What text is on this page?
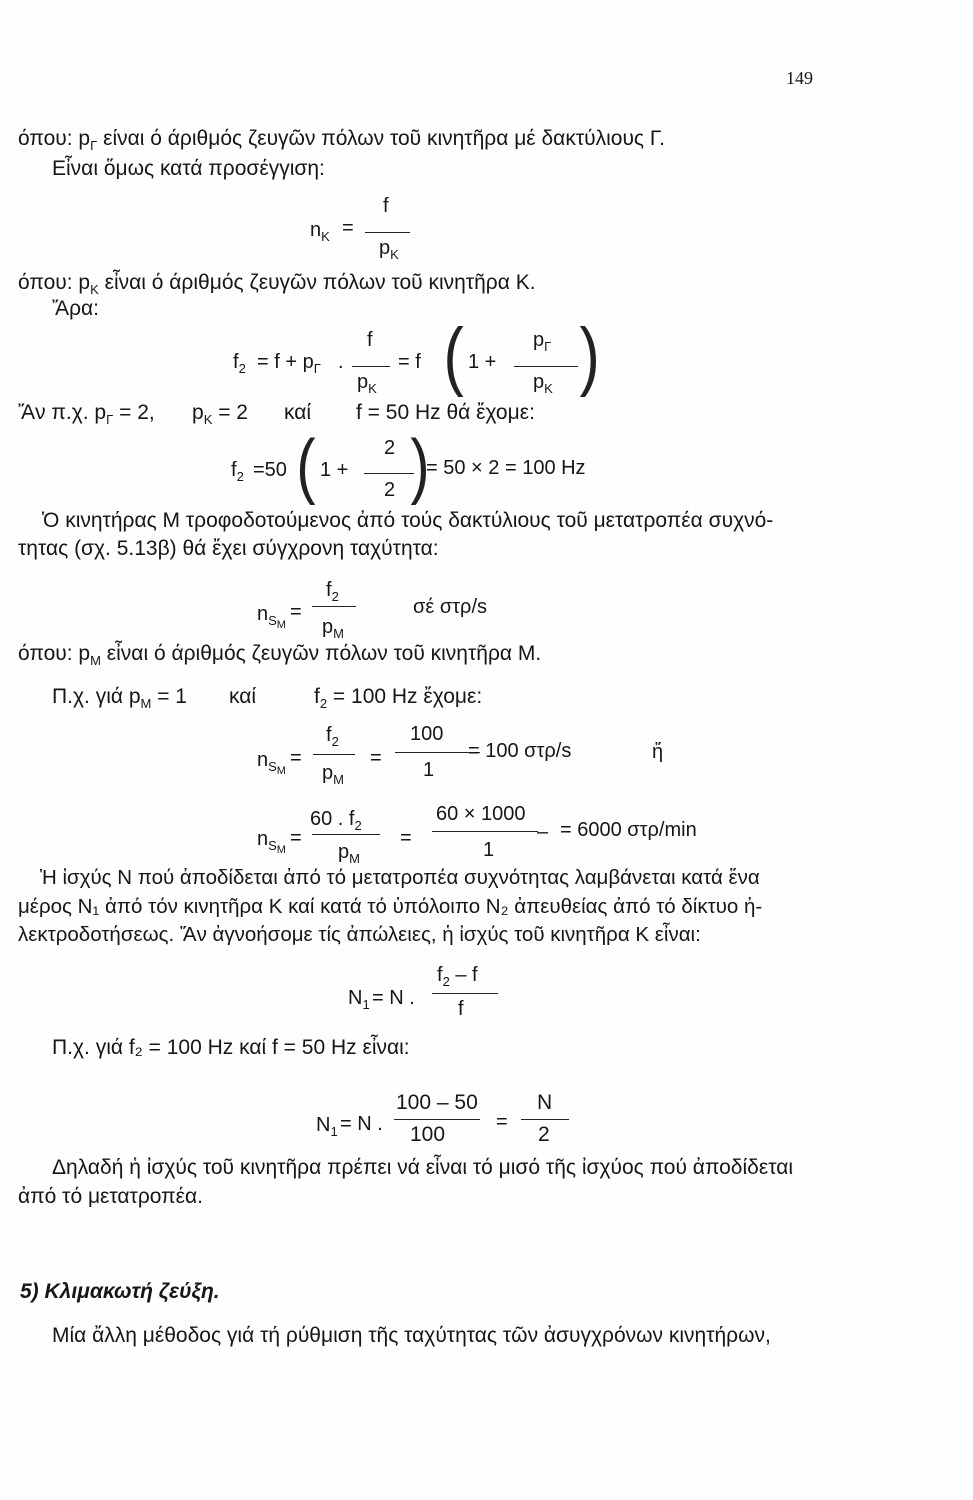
149
όπου: $p_\Gamma$ είναι ό άριθμός ζευγῶν πόλων τοῦ κινητῆρα μέ δακτύλιους Γ.
Εἶναι ὅμως κατά προσέγγιση:
$n_K$ =
f
$p_K$
όπου: $p_K$ εἶναι ό άριθμός ζευγῶν πόλων τοῦ κινητῆρα Κ.
Ἄρα:
$f_2 = f + p_\Gamma$ .
f
$p_K$
= f ( 1 +
$p_\Gamma$
$p_K$ )
Ἄν π.χ. $p_\Gamma = 2$, $p_K = 2$ καί f = 50 Hz θά ἔχομε:
$f_2 =50$ ( 1 +
2
2 )
= 50 × 2 = 100 Hz
Ὁ κινητήρας Μ τροφοδοτούμενος ἀπό τούς δακτύλιους τοῦ μετατροπέα συχνό-
τητας (σχ. 5.13β) θά ἔχει σύγχρονη ταχύτητα:
$n_{SM}$
=
$f_2$
$p_M$
σέ στρ/s
όπου: $p_M$ εἶναι ό άριθμός ζευγῶν πόλων τοῦ κινητῆρα Μ.
Π.χ. γιά $p_M = 1$ καί	$f_2 = 100$ Hz ἔχομε:
$n_{SM}$
=
$f_2$
$p_M$
=
100
1
= 100 στρ/s	ἤ
$n_{SM}$
=
60 . $f_2$
$p_M$
=
60 × 1000
1
– = 6000 στρ/min
Ἡ ἰσχύς Ν πού ἀποδίδεται ἀπό τό μετατροπέα συχνότητας λαμβάνεται κατά ἕνα
μέρος N₁ ἀπό τόν κινητῆρα Κ καί κατά τό ὑπόλοιπο N₂ ἀπευθείας ἀπό τό δίκτυο ἠ-
λεκτροδοτήσεως. Ἄν ἀγνοήσομε τίς ἀπώλειες, ἡ ἰσχύς τοῦ κινητῆρα Κ εἶναι:
$N_1 = N$ .
$f_2$ – f
f
Π.χ. γιά f₂ = 100 Hz καί f = 50 Hz εἶναι:
$N_1 = N$ .
100 – 50
100
=
N
2
Δηλαδή ἡ ἰσχύς τοῦ κινητῆρα πρέπει νά εἶναι τό μισό τῆς ἰσχύος πού ἀποδίδεται
ἀπό τό μετατροπέα.
5) Κλιμακωτή ζεύξη.
Μία ἄλλη μέθοδος γιά τή ρύθμιση τῆς ταχύτητας τῶν ἀσυγχρόνων κινητήρων,
